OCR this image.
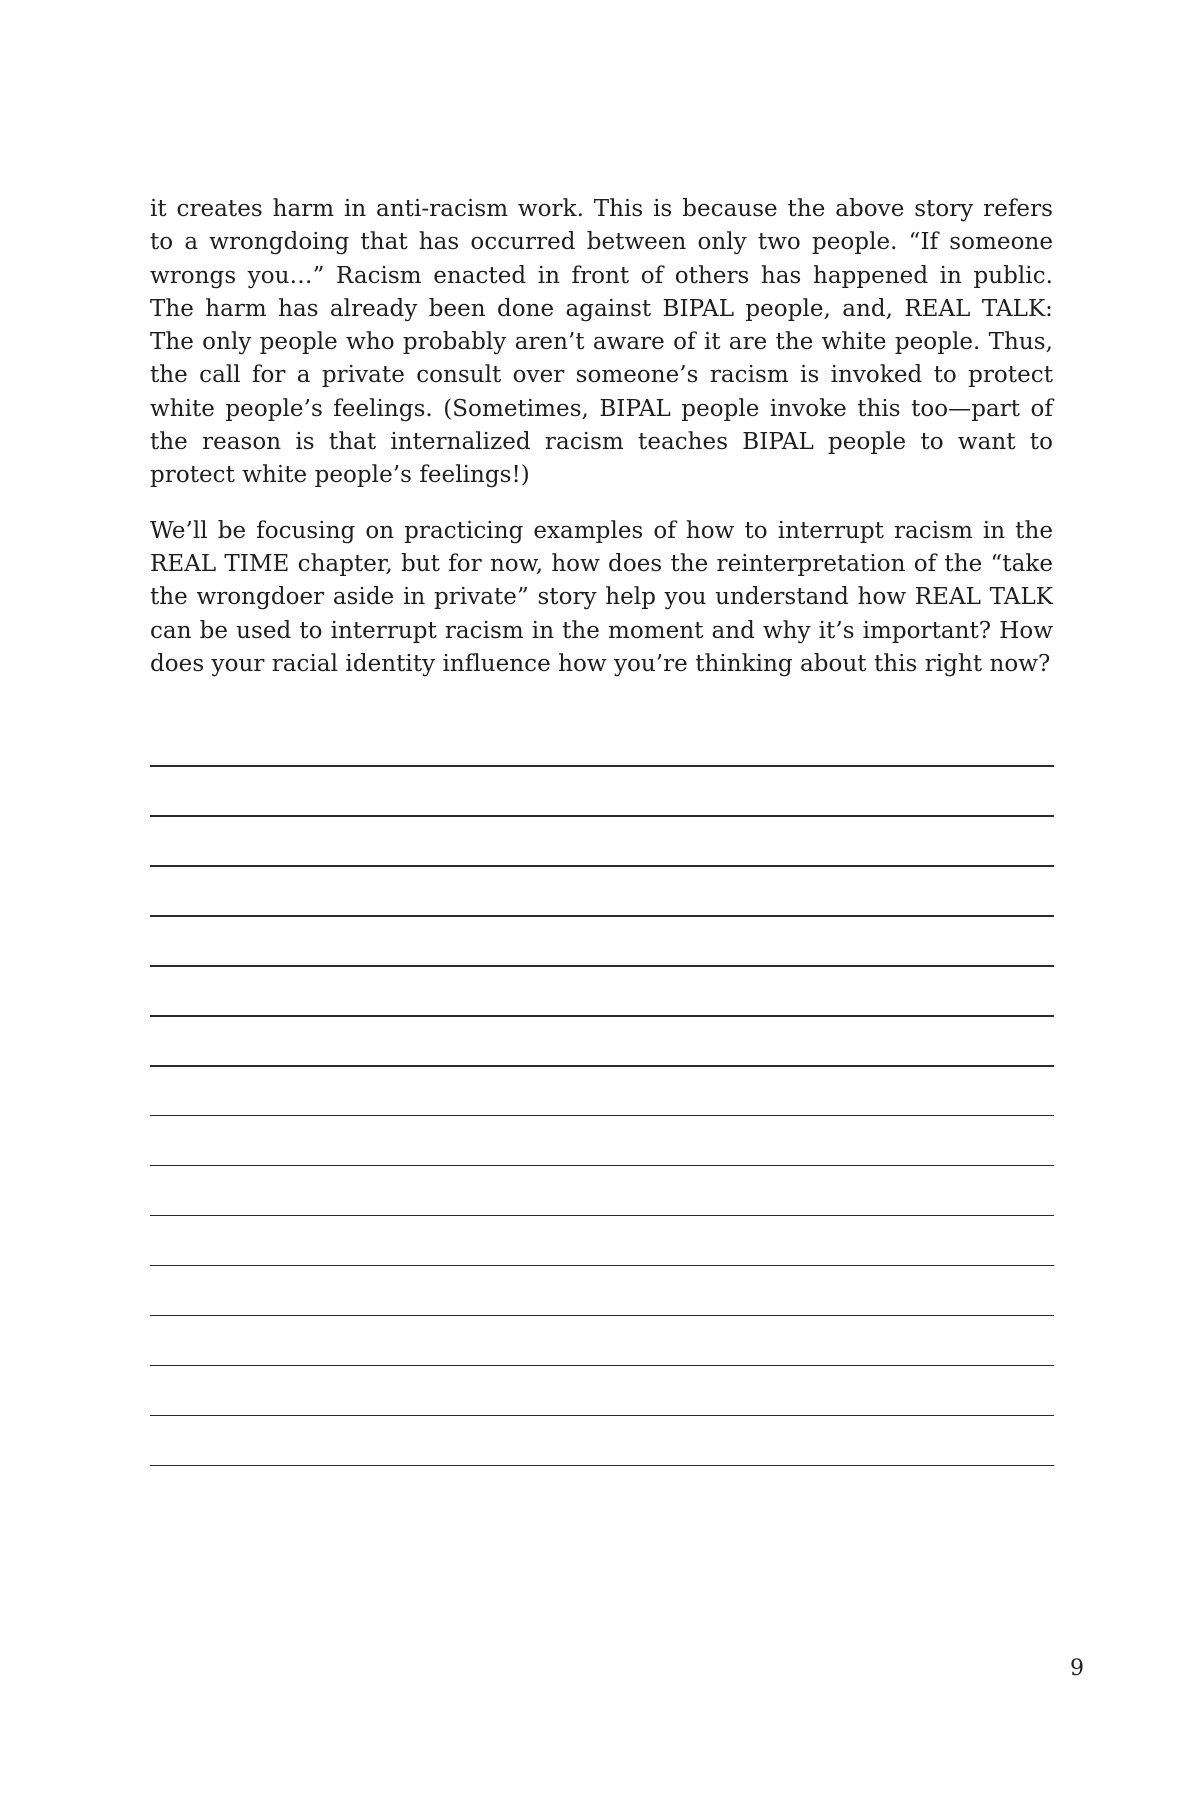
it creates harm in anti-racism work. This is because the above story refers to a wrongdoing that has occurred between only two people. “If someone wrongs you…” Racism enacted in front of others has happened in public. The harm has already been done against BIPAL people, and, REAL TALK: The only people who probably aren’t aware of it are the white people. Thus, the call for a private consult over someone’s racism is invoked to protect white people’s feelings. (Sometimes, BIPAL people invoke this too—part of the reason is that internalized racism teaches BIPAL people to want to protect white people’s feelings!)

We’ll be focusing on practicing examples of how to interrupt racism in the REAL TIME chapter, but for now, how does the reinterpretation of the “take the wrongdoer aside in private” story help you understand how REAL TALK can be used to interrupt racism in the moment and why it’s important? How does your racial identity influence how you’re thinking about this right now?

9
